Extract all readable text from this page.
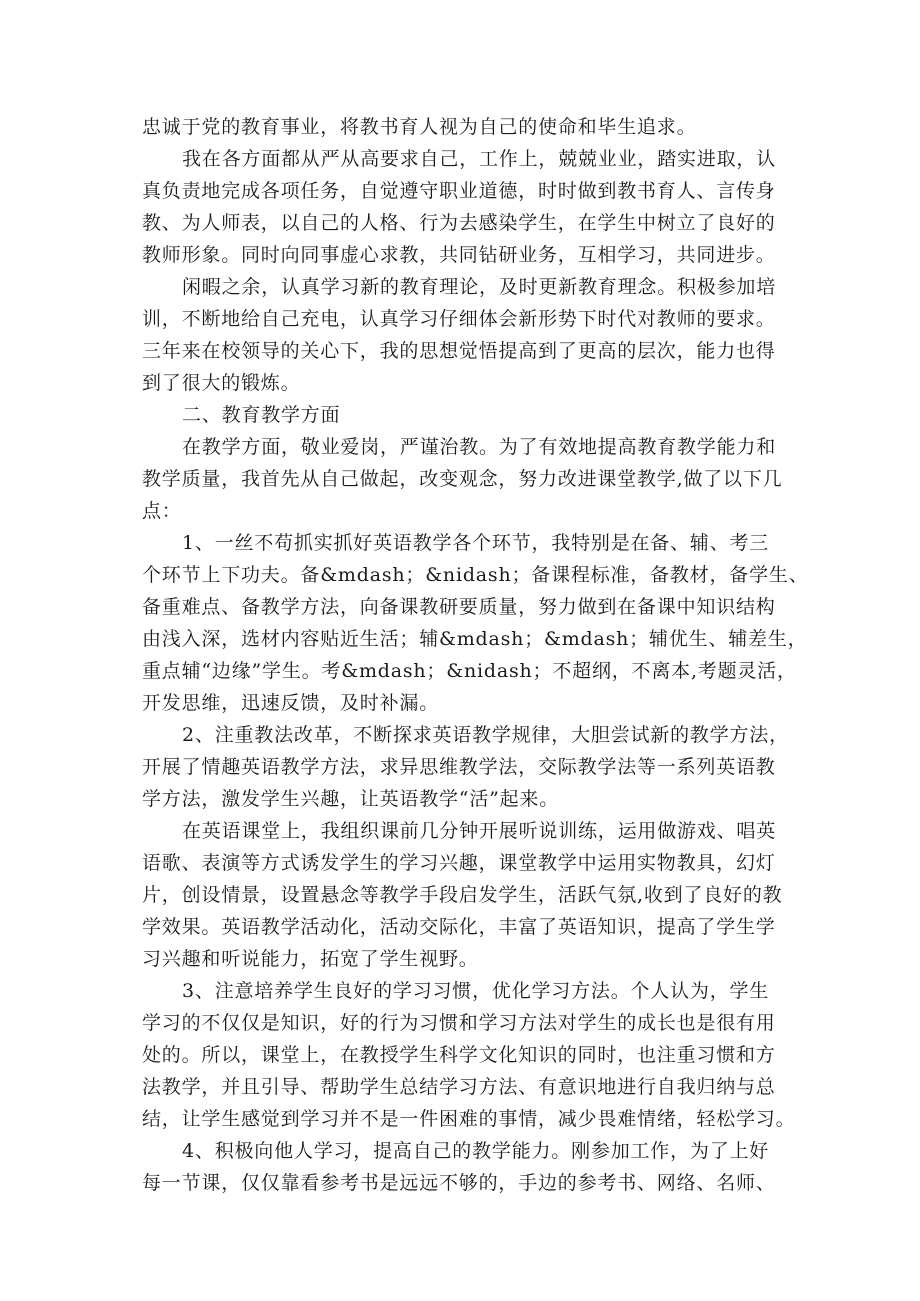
忠诚于党的教育事业，将教书育人视为自己的使命和毕生追求。
我在各方面都从严从高要求自己，工作上，兢兢业业，踏实进取，认
真负责地完成各项任务，自觉遵守职业道德，时时做到教书育人、言传身
教、为人师表，以自己的人格、行为去感染学生，在学生中树立了良好的
教师形象。同时向同事虚心求教，共同钻研业务，互相学习，共同进步。
闲暇之余，认真学习新的教育理论，及时更新教育理念。积极参加培
训，不断地给自己充电，认真学习仔细体会新形势下时代对教师的要求。
三年来在校领导的关心下，我的思想觉悟提高到了更高的层次，能力也得
到了很大的锻炼。
二、教育教学方面
在教学方面，敬业爱岗，严谨治教。为了有效地提高教育教学能力和
教学质量，我首先从自己做起，改变观念，努力改进课堂教学,做了以下几
点：
1、一丝不苟抓实抓好英语教学各个环节，我特别是在备、辅、考三
个环节上下功夫。备&mdash；&nidash；备课程标准，备教材，备学生、
备重难点、备教学方法，向备课教研要质量，努力做到在备课中知识结构
由浅入深，选材内容贴近生活；辅&mdash；&mdash；辅优生、辅差生，
重点辅“边缘”学生。考&mdash；&nidash；不超纲，不离本,考题灵活，
开发思维，迅速反馈，及时补漏。
2、注重教法改革，不断探求英语教学规律，大胆尝试新的教学方法，
开展了情趣英语教学方法，求异思维教学法，交际教学法等一系列英语教
学方法，激发学生兴趣，让英语教学“活”起来。
在英语课堂上，我组织课前几分钟开展听说训练，运用做游戏、唱英
语歌、表演等方式诱发学生的学习兴趣，课堂教学中运用实物教具，幻灯
片，创设情景，设置悬念等教学手段启发学生，活跃气氛,收到了良好的教
学效果。英语教学活动化，活动交际化，丰富了英语知识，提高了学生学
习兴趣和听说能力，拓宽了学生视野。
3、注意培养学生良好的学习习惯，优化学习方法。个人认为，学生
学习的不仅仅是知识，好的行为习惯和学习方法对学生的成长也是很有用
处的。所以，课堂上，在教授学生科学文化知识的同时，也注重习惯和方
法教学，并且引导、帮助学生总结学习方法、有意识地进行自我归纳与总
结，让学生感觉到学习并不是一件困难的事情，减少畏难情绪，轻松学习。
4、积极向他人学习，提高自己的教学能力。刚参加工作，为了上好
每一节课，仅仅靠看参考书是远远不够的，手边的参考书、网络、名师、
